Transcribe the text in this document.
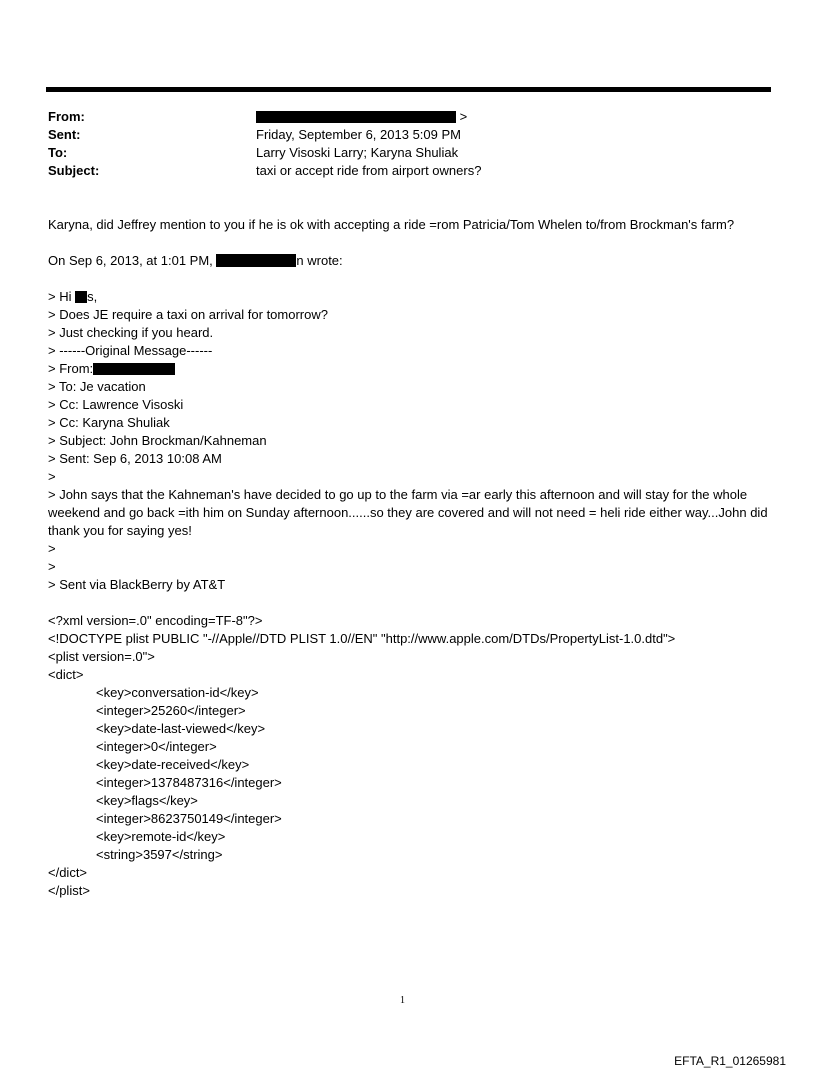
From:	>
Sent:	Friday, September 6, 2013 5:09 PM
To:	Larry Visoski Larry; Karyna Shuliak
Subject:	taxi or accept ride from airport owners?
Karyna, did Jeffrey mention to you if he is ok with accepting a ride =rom Patricia/Tom Whelen to/from Brockman's farm?
On Sep 6, 2013, at 1:01 PM,	n wrote:
> Hi s,
> Does JE require a taxi on arrival for tomorrow?
> Just checking if you heard.
> ------Original Message------
> From:
> To: Je vacation
> Cc: Lawrence Visoski
> Cc: Karyna Shuliak
> Subject: John Brockman/Kahneman
> Sent: Sep 6, 2013 10:08 AM
>
> John says that the Kahneman's have decided to go up to the farm via =ar early this afternoon and will stay for the whole weekend and go back =ith him on Sunday afternoon......so they are covered and will not need = heli ride either way...John did thank you for saying yes!
>
>
> Sent via BlackBerry by AT&T
<?xml version=.0" encoding=TF-8"?>
<!DOCTYPE plist PUBLIC "-//Apple//DTD PLIST 1.0//EN" "http://www.apple.com/DTDs/PropertyList-1.0.dtd">
<plist version=.0">
<dict>
<key>conversation-id</key>
<integer>25260</integer>
<key>date-last-viewed</key>
<integer>0</integer>
<key>date-received</key>
<integer>1378487316</integer>
<key>flags</key>
<integer>8623750149</integer>
<key>remote-id</key>
<string>3597</string>
</dict>
</plist>
1
EFTA_R1_01265981
